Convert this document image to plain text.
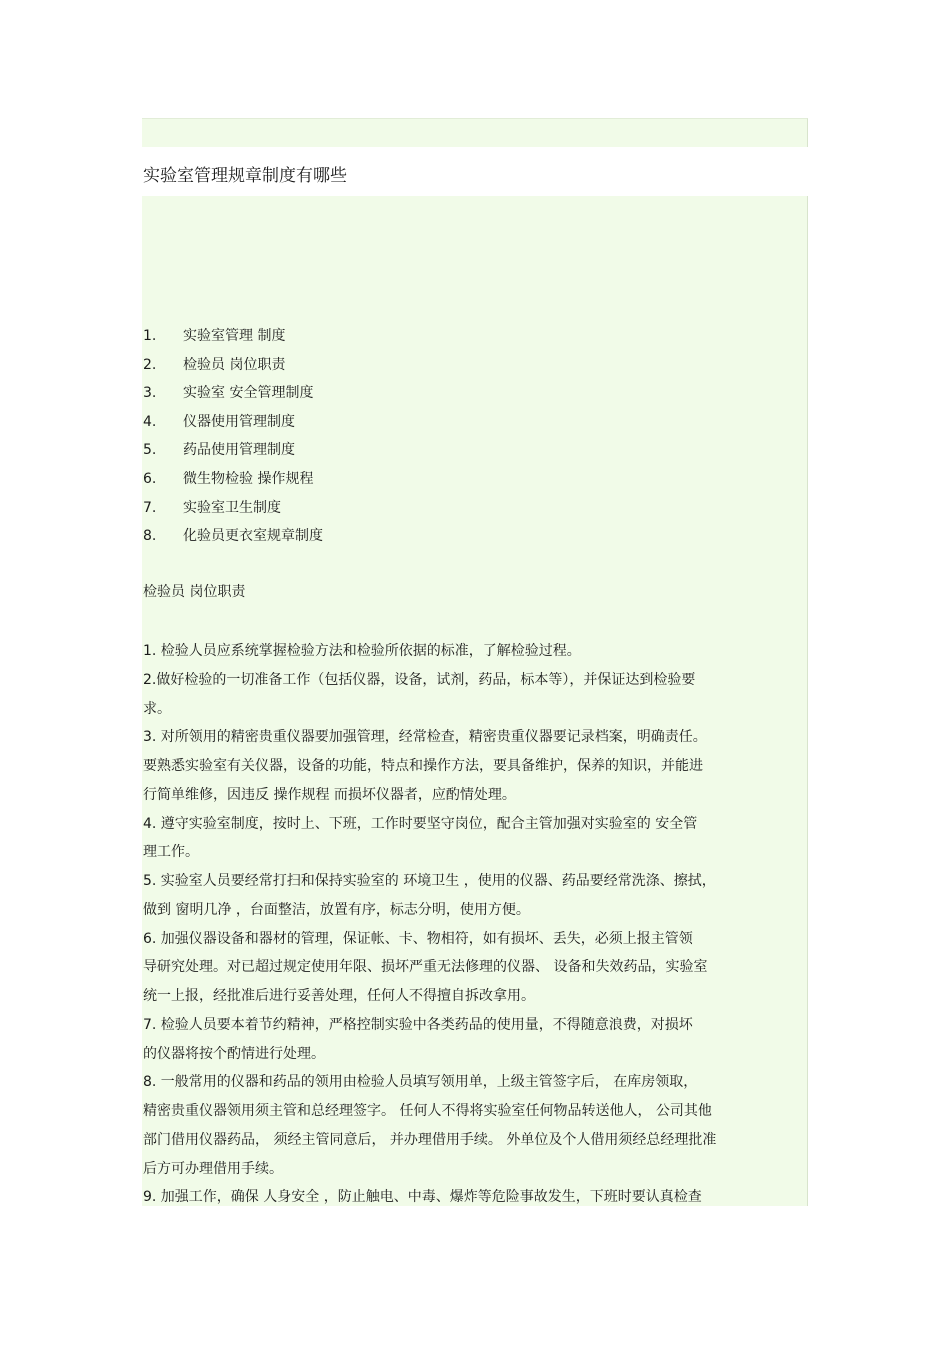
实验室管理规章制度有哪些
1. 实验室管理 制度
2. 检验员 岗位职责
3. 实验室 安全管理制度
4. 仪器使用管理制度
5. 药品使用管理制度
6. 微生物检验 操作规程
7. 实验室卫生制度
8. 化验员更衣室规章制度
检验员 岗位职责
1. 检验人员应系统掌握检验方法和检验所依据的标准，了解检验过程。
2.做好检验的一切准备工作（包括仪器，设备，试剂，药品，标本等），并保证达到检验要
求。
3. 对所领用的精密贵重仪器要加强管理，经常检查，精密贵重仪器要记录档案，明确责任。
要熟悉实验室有关仪器，设备的功能，特点和操作方法，要具备维护，保养的知识，并能进
行简单维修，因违反 操作规程 而损坏仪器者，应酌情处理。
4. 遵守实验室制度，按时上、下班，工作时要坚守岗位，配合主管加强对实验室的 安全管
理工作。
5. 实验室人员要经常打扫和保持实验室的 环境卫生 ，使用的仪器、药品要经常洗涤、擦拭，
做到 窗明几净 ，台面整洁，放置有序，标志分明，使用方便。
6. 加强仪器设备和器材的管理，保证帐、卡、物相符，如有损坏、丢失，必须上报主管领
导研究处理。对已超过规定使用年限、损坏严重无法修理的仪器、 设备和失效药品，实验室
统一上报，经批准后进行妥善处理，任何人不得擅自拆改拿用。
7. 检验人员要本着节约精神，严格控制实验中各类药品的使用量，不得随意浪费，对损坏
的仪器将按个酌情进行处理。
8. 一般常用的仪器和药品的领用由检验人员填写领用单，上级主管签字后， 在库房领取，
精密贵重仪器领用须主管和总经理签字。 任何人不得将实验室任何物品转送他人， 公司其他
部门借用仪器药品， 须经主管同意后， 并办理借用手续。 外单位及个人借用须经总经理批准
后方可办理借用手续。
9. 加强工作，确保 人身安全 ，防止触电、中毒、爆炸等危险事故发生，下班时要认真检查
